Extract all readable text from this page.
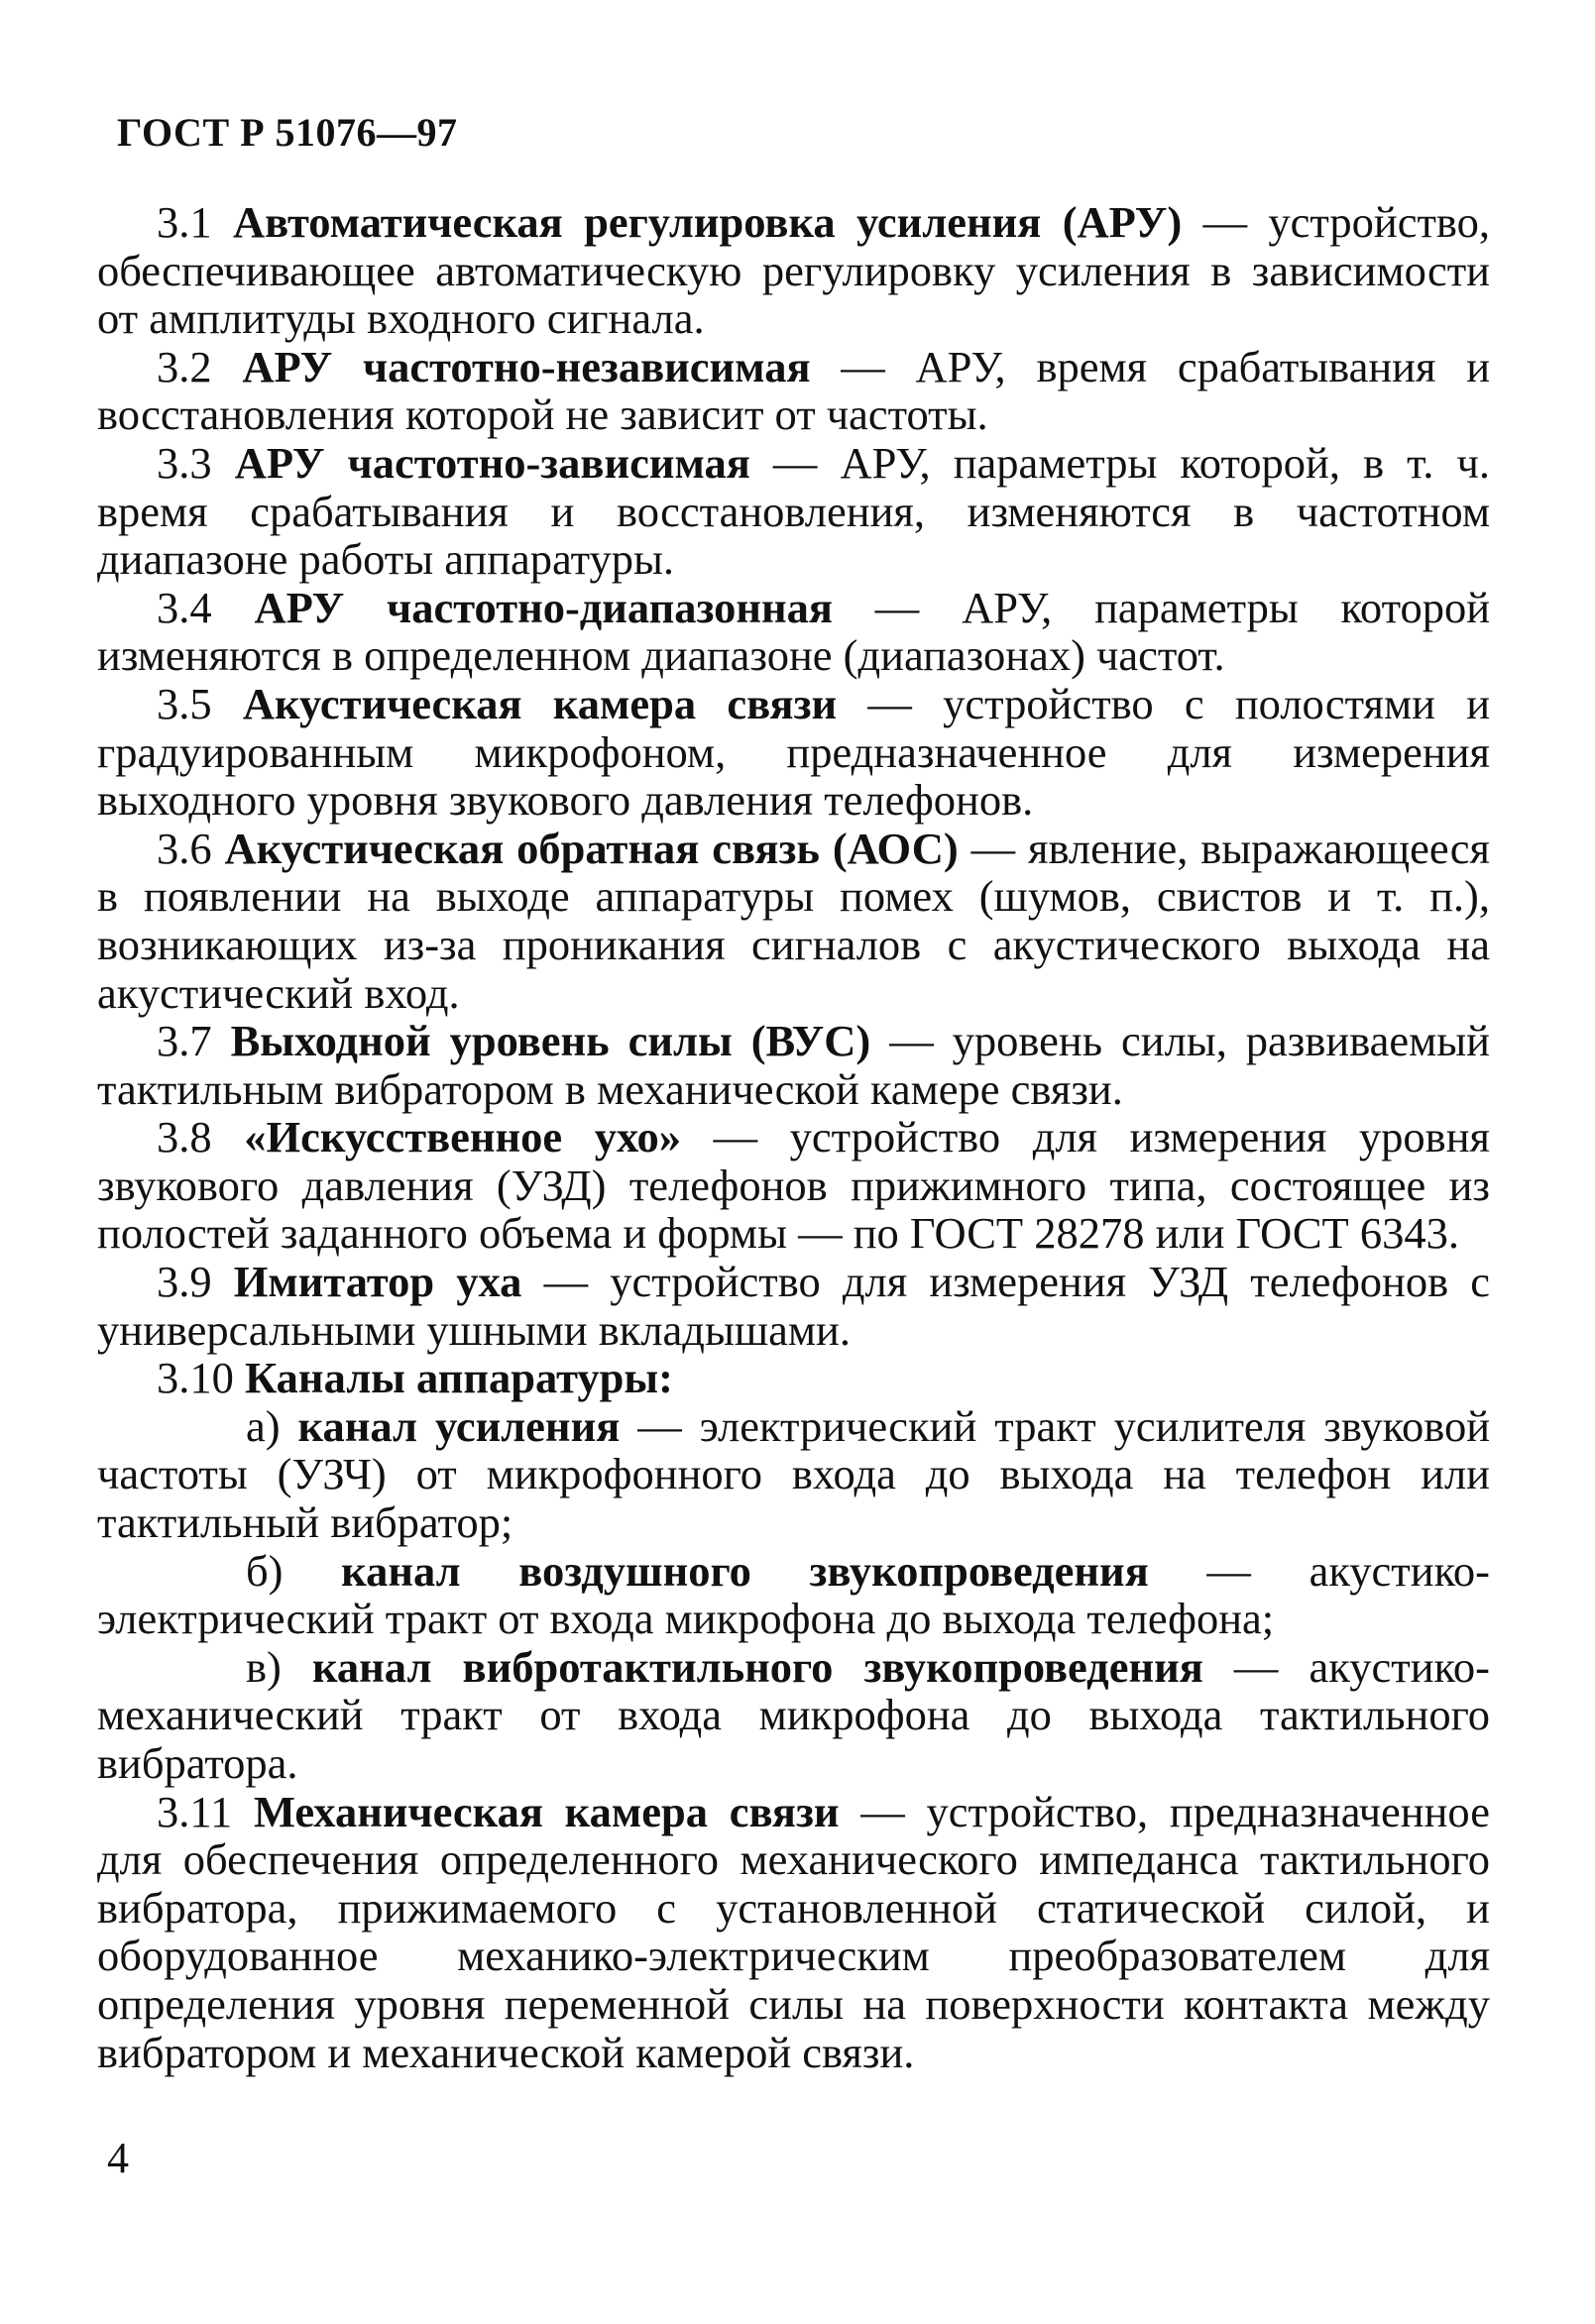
ГОСТ Р 51076—97

3.1 Автоматическая регулировка усиления (АРУ) — устройство, обеспечивающее автоматическую регулировку усиления в зависимости от амплитуды входного сигнала.

3.2 АРУ частотно-независимая — АРУ, время срабатывания и восстановления которой не зависит от частоты.

3.3 АРУ частотно-зависимая — АРУ, параметры которой, в т. ч. время срабатывания и восстановления, изменяются в частотном диапазоне работы аппаратуры.

3.4 АРУ частотно-диапазонная — АРУ, параметры которой изменяются в определенном диапазоне (диапазонах) частот.

3.5 Акустическая камера связи — устройство с полостями и градуированным микрофоном, предназначенное для измерения выходного уровня звукового давления телефонов.

3.6 Акустическая обратная связь (АОС) — явление, выражающееся в появлении на выходе аппаратуры помех (шумов, свистов и т. п.), возникающих из-за проникания сигналов с акустического выхода на акустический вход.

3.7 Выходной уровень силы (ВУС) — уровень силы, развиваемый тактильным вибратором в механической камере связи.

3.8 «Искусственное ухо» — устройство для измерения уровня звукового давления (УЗД) телефонов прижимного типа, состоящее из полостей заданного объема и формы — по ГОСТ 28278 или ГОСТ 6343.

3.9 Имитатор уха — устройство для измерения УЗД телефонов с универсальными ушными вкладышами.

3.10 Каналы аппаратуры:

а) канал усиления — электрический тракт усилителя звуковой частоты (УЗЧ) от микрофонного входа до выхода на телефон или тактильный вибратор;

б) канал воздушного звукопроведения — акустико-электрический тракт от входа микрофона до выхода телефона;

в) канал вибротактильного звукопроведения — акустико-механический тракт от входа микрофона до выхода тактильного вибратора.

3.11 Механическая камера связи — устройство, предназначенное для обеспечения определенного механического импеданса тактильного вибратора, прижимаемого с установленной статической силой, и оборудованное механико-электрическим преобразователем для определения уровня переменной силы на поверхности контакта между вибратором и механической камерой связи.

4
